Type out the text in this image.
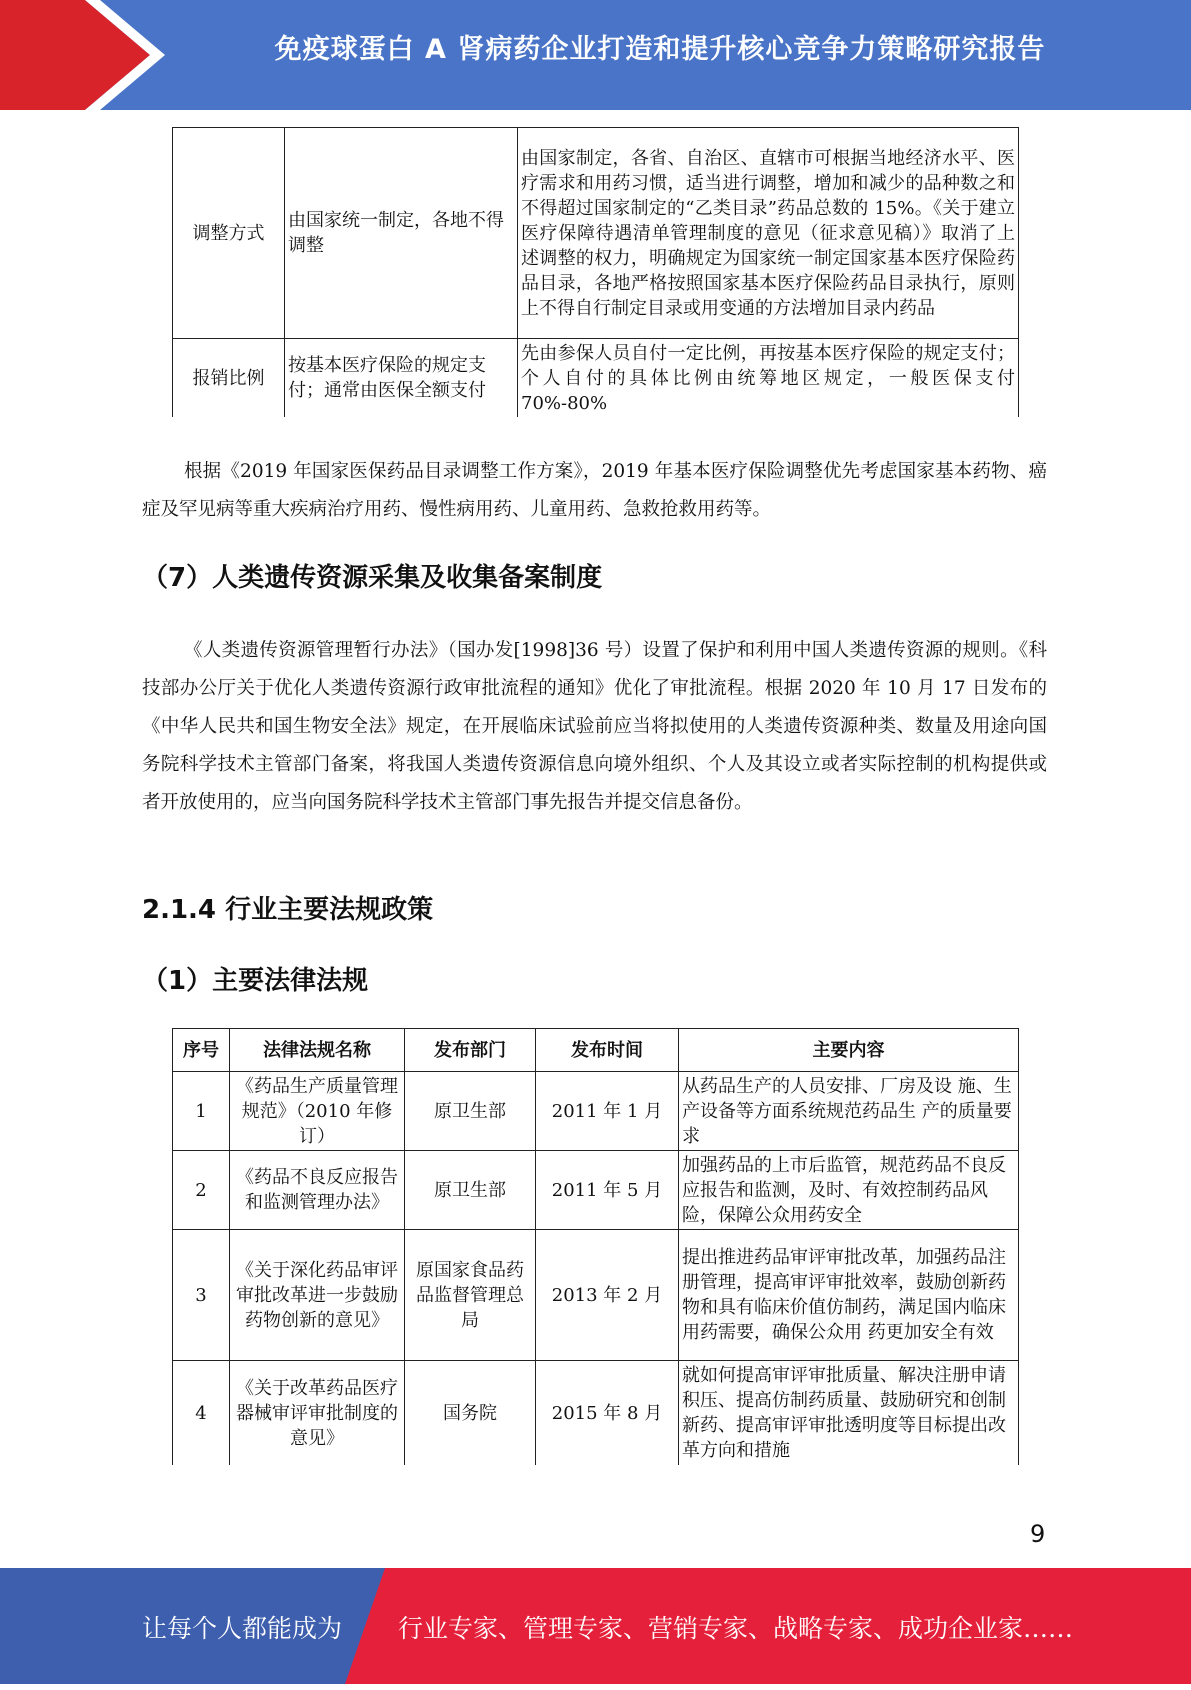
免疫球蛋白 A 肾病药企业打造和提升核心竞争力策略研究报告
调整方式	由国家统一制定，各地不得调整	由国家制定，各省、自治区、直辖市可根据当地经济水平、医疗需求和用药习惯，适当进行调整，增加和减少的品种数之和不得超过国家制定的“乙类目录”药品总数的 15%。《关于建立医疗保障待遇清单管理制度的意见（征求意见稿）》取消了上述调整的权力，明确规定为国家统一制定国家基本医疗保险药品目录，各地严格按照国家基本医疗保险药品目录执行，原则上不得自行制定目录或用变通的方法增加目录内药品
报销比例	按基本医疗保险的规定支付；通常由医保全额支付	先由参保人员自付一定比例，再按基本医疗保险的规定支付；个人自付的具体比例由统筹地区规定，一般医保支付 70%-80%
根据《2019 年国家医保药品目录调整工作方案》，2019 年基本医疗保险调整优先考虑国家基本药物、癌症及罕见病等重大疾病治疗用药、慢性病用药、儿童用药、急救抢救用药等。
（7）人类遗传资源采集及收集备案制度
《人类遗传资源管理暂行办法》（国办发[1998]36 号）设置了保护和利用中国人类遗传资源的规则。《科技部办公厅关于优化人类遗传资源行政审批流程的通知》优化了审批流程。根据 2020 年 10 月 17 日发布的《中华人民共和国生物安全法》规定，在开展临床试验前应当将拟使用的人类遗传资源种类、数量及用途向国务院科学技术主管部门备案，将我国人类遗传资源信息向境外组织、个人及其设立或者实际控制的机构提供或者开放使用的，应当向国务院科学技术主管部门事先报告并提交信息备份。
2.1.4 行业主要法规政策
（1）主要法律法规
序号	法律法规名称	发布部门	发布时间	主要内容
1	《药品生产质量管理规范》（2010 年修订）	原卫生部	2011 年 1 月	从药品生产的人员安排、厂房及设 施、生产设备等方面系统规范药品生 产的质量要求
2	《药品不良反应报告和监测管理办法》	原卫生部	2011 年 5 月	加强药品的上市后监管，规范药品不良反应报告和监测，及时、有效控制药品风险，保障公众用药安全
3	《关于深化药品审评审批改革进一步鼓励药物创新的意见》	原国家食品药品监督管理总局	2013 年 2 月	提出推进药品审评审批改革，加强药品注册管理，提高审评审批效率，鼓励创新药物和具有临床价值仿制药，满足国内临床用药需要，确保公众用 药更加安全有效
4	《关于改革药品医疗器械审评审批制度的意见》	国务院	2015 年 8 月	就如何提高审评审批质量、解决注册申请积压、提高仿制药质量、鼓励研究和创制新药、提高审评审批透明度等目标提出改革方向和措施
9
让每个人都能成为 行业专家、管理专家、营销专家、战略专家、成功企业家……
